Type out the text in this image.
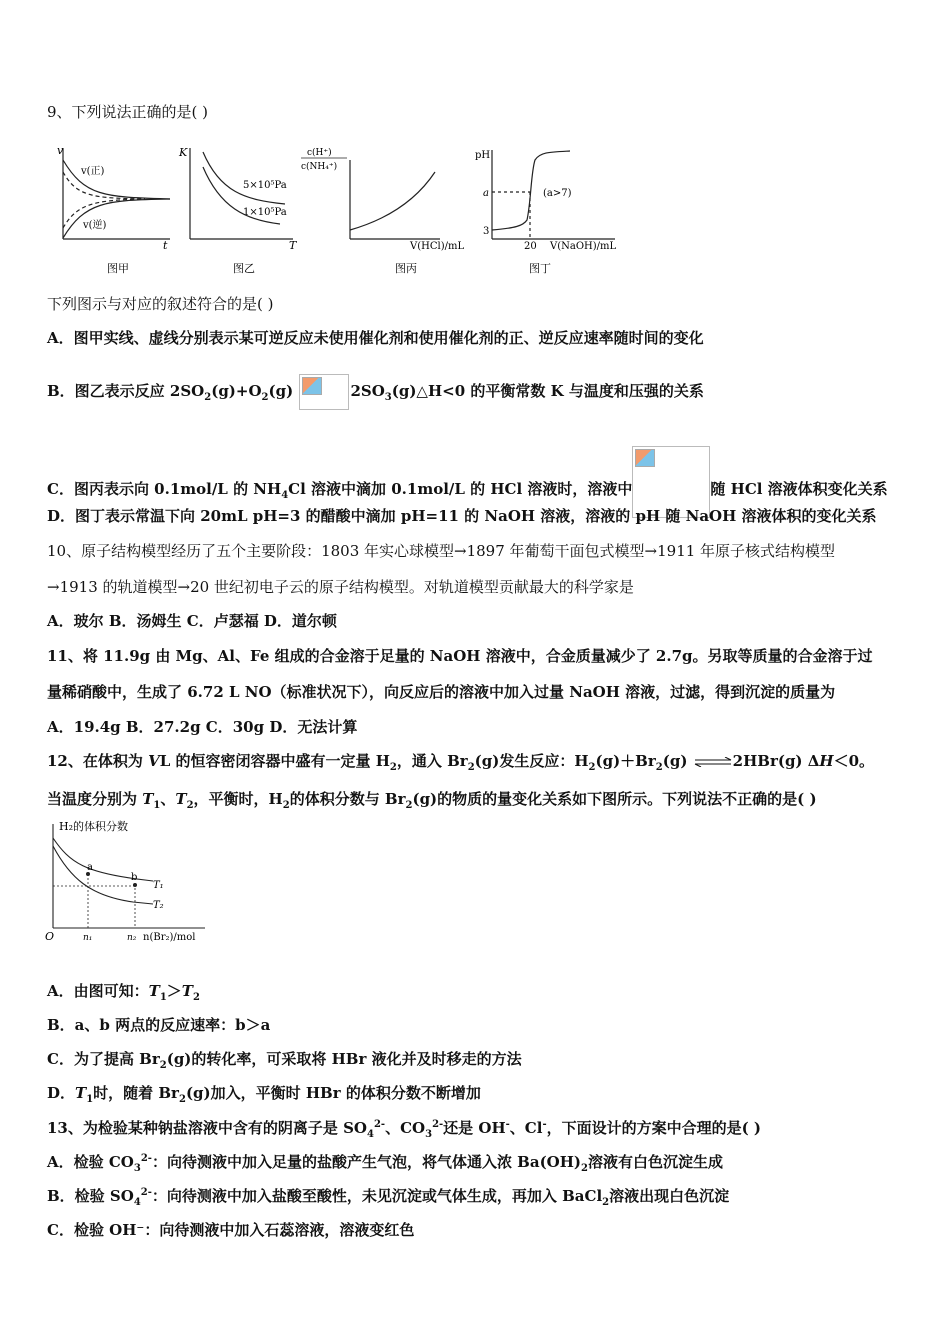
9、下列说法正确的是( )
v
v(正)
v(逆)
t
图甲
K
5×10⁵Pa
1×10⁵Pa
T
图乙
c(H⁺)
c(NH₄⁺)
V(HCl)/mL
图丙
pH
a
3
(a>7)
20 V(NaOH)/mL
图丁
下列图示与对应的叙述符合的是( )
A．图甲实线、虚线分别表示某可逆反应未使用催化剂和使用催化剂的正、逆反应速率随时间的变化
B．图乙表示反应 $2SO_2(g)+O_2(g)$	$2SO_3(g)\triangle H<0$ 的平衡常数 K 与温度和压强的关系
C．图丙表示向 0.1mol/L 的 $NH_4Cl$ 溶液中滴加 0.1mol/L 的 HCl 溶液时，溶液中	随 HCl 溶液体积变化关系
D．图丁表示常温下向 20mL pH=3 的醋酸中滴加 pH=11 的 NaOH 溶液，溶液的 pH 随 NaOH 溶液体积的变化关系
10、原子结构模型经历了五个主要阶段：1803 年实心球模型→1897 年葡萄干面包式模型→1911 年原子核式结构模型
→1913 的轨道模型→20 世纪初电子云的原子结构模型。对轨道模型贡献最大的科学家是
A．玻尔 B．汤姆生 C．卢瑟福 D．道尔顿
11、将 11.9g 由 Mg、Al、Fe 组成的合金溶于足量的 NaOH 溶液中，合金质量减少了 2.7g。另取等质量的合金溶于过
量稀硝酸中，生成了 6.72 L NO（标准状况下），向反应后的溶液中加入过量 NaOH 溶液，过滤，得到沉淀的质量为
A．19.4g B．27.2g C．30g D．无法计算
12、在体积为 VL 的恒容密闭容器中盛有一定量 $H_2$，通入 $Br_2(g)$发生反应：$H_2(g)+Br_2(g)$ ⇌2HBr(g) ΔH＜0。
当温度分别为 $T_1$、$T_2$，平衡时，$H_2$的体积分数与 $Br_2(g)$的物质的量变化关系如下图所示。下列说法不正确的是( )
H₂的体积分数
a
b
T₁
T₂
O	n₁	n₂ n(Br₂)/mol
A．由图可知：$T_1>T_2$
B．a、b 两点的反应速率：b＞a
C．为了提高 $Br_2(g)$的转化率，可采取将 HBr 液化并及时移走的方法
D．$T_1$时，随着 $Br_2(g)$加入，平衡时 HBr 的体积分数不断增加
13、为检验某种钠盐溶液中含有的阴离子是 $SO_4^{2-}$、$CO_3^{2-}$还是 OH-、Cl-，下面设计的方案中合理的是( )
A．检验 $CO_3^{2-}$：向待测液中加入足量的盐酸产生气泡，将气体通入浓 $Ba(OH)_2$溶液有白色沉淀生成
B．检验 $SO_4^{2-}$：向待测液中加入盐酸至酸性，未见沉淀或气体生成，再加入 BaCl$_2$溶液出现白色沉淀
C．检验 OH⁻：向待测液中加入石蕊溶液，溶液变红色
